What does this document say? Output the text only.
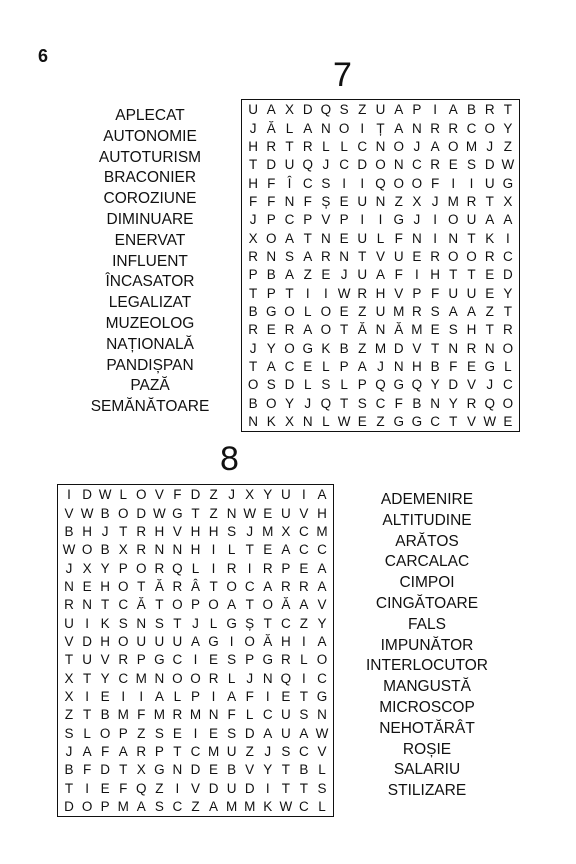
6	7
APLECAT
AUTONOMIE
AUTOTURISM
BRACONIER
COROZIUNE
DIMINUARE
ENERVAT
INFLUENT
ÎNCASATOR
LEGALIZAT
MUZEOLOG
NAȚIONALĂ
PANDIȘPAN
PAZĂ
SEMĂNĂTOARE
U A X D Q S Z U A P I A B R T
J Ă L A N O I Ț A N R R C O Y
H R T R L L C N O J A O M J Z
T D U Q J C D O N C R E S D W
H F Î C S I	I Q O O F I	I U G
F F N F Ș E U N Z X J M R T X
J P C P V P I	I G J I O U A A
X O A T N E U L F N I N T K I
R N S A R N T V U E R O O R C
P B A Z E J U A F I H T T E D
T P T I	I W R H V P F U U E Y
B G O L O E Z U M R S A A Z T
R E R A O T Ă N Ă M E S H T R
J Y O G K B Z M D V T N R N O
T A C E L P A J N H B F E G L
O S D L S L P Q G Q Y D V J C
B O Y J Q T S C F B N Y R Q O
N K X N L W E Z G G C T V W E
8
I D W L O V F D Z J X Y U I A
V W B O D W G T Z N W E U V H
B H J T R H V H H S J M X C M
W O B X R N N H I L T E A C C
J X Y P O R Q L I R I R P E A
N E H O T Ă R Â T O C A R R A
R N T C Ă T O P O A T O Ă A V
U I K S N S T J L G Ș T C Z Y
V D H O U U U A G I O Ă H I A
T U V R P G C I E S P G R L O
X T Y C M N O O R L J N Q I C
X I E I	I A L P I A F I E T G
Z T B M F M R M N F L C U S N
S L O P Z S E I E S D A U A W
J A F A R P T C M U Z J S C V
B F D T X G N D E B V Y T B L
T I E F Q Z I V D U D I T T S
D O P M A S C Z A M M K W C L
ADEMENIRE
ALTITUDINE
ARĂTOS
CARCALAC
CIMPOI
CINGĂTOARE
FALS
IMPUNĂTOR
INTERLOCUTOR
MANGUSTĂ
MICROSCOP
NEHOTĂRÂT
ROȘIE
SALARIU
STILIZARE
